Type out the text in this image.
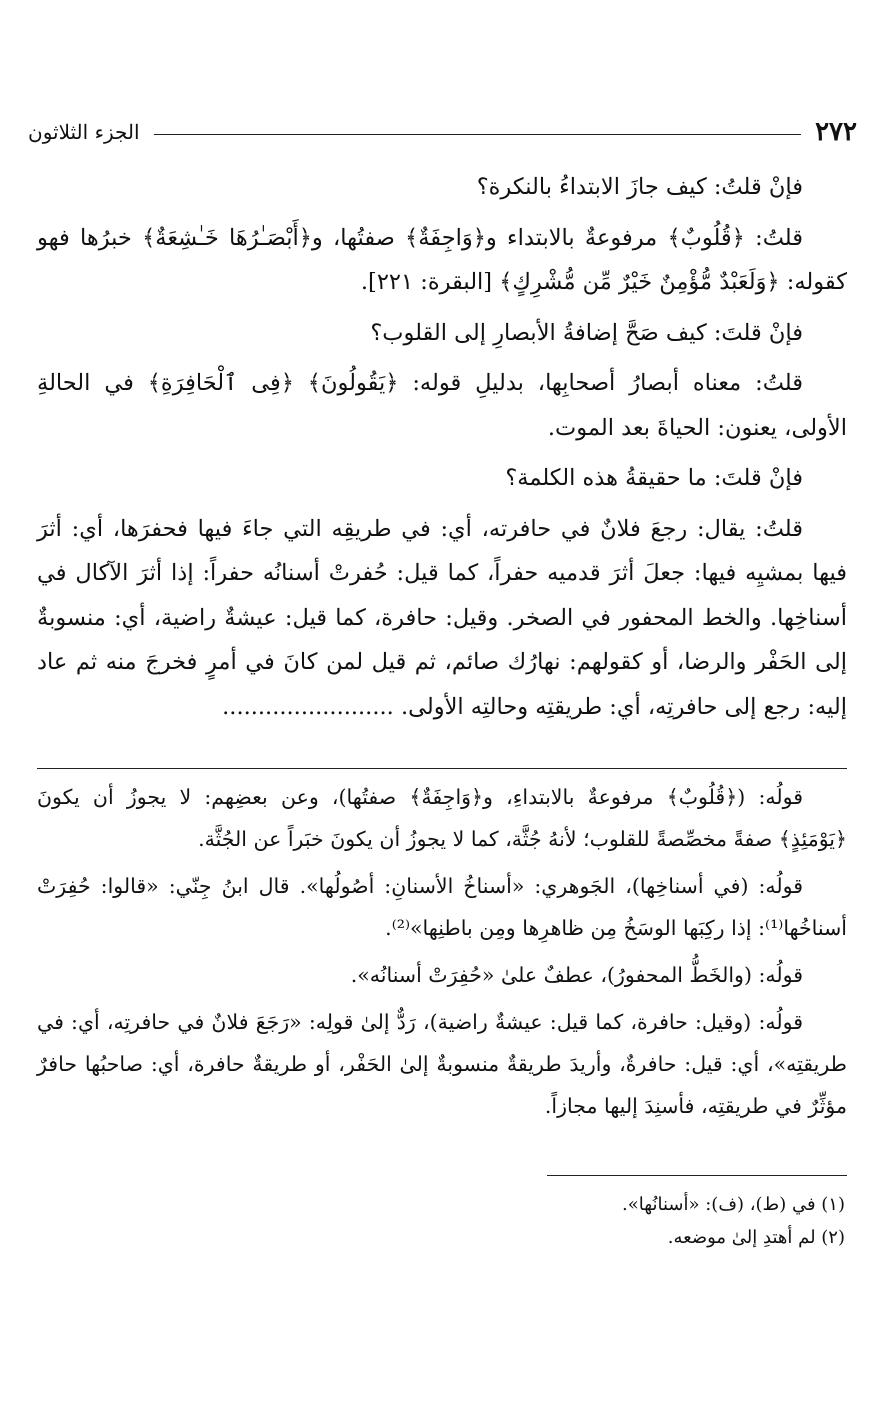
٢٧٢
الجزء الثلاثون

فإنْ قلتُ: كيف جازَ الابتداءُ بالنكرة؟

قلتُ: ﴿قُلُوبٌ﴾ مرفوعةٌ بالابتداء و﴿وَاجِفَةٌ﴾ صفتُها، و﴿أَبْصَـٰرُهَا خَـٰشِعَةٌ﴾ خبرُها فهو كقوله: ﴿وَلَعَبْدٌ مُّؤْمِنٌ خَيْرٌ مِّن مُّشْرِكٍ﴾ [البقرة: ٢٢١].

فإنْ قلتَ: كيف صَحَّ إضافةُ الأبصارِ إلى القلوب؟

قلتُ: معناه أبصارُ أصحابِها، بدليلِ قوله: ﴿يَقُولُونَ﴾ ﴿فِى ٱلْحَافِرَةِ﴾ في الحالةِ الأولى، يعنون: الحياةَ بعد الموت.

فإنْ قلتَ: ما حقيقةُ هذه الكلمة؟

قلتُ: يقال: رجعَ فلانٌ في حافرته، أي: في طريقِه التي جاءَ فيها فحفرَها، أي: أثرَ فيها بمشيِه فيها: جعلَ أثرَ قدميه حفراً، كما قيل: حُفرتْ أسنانُه حفراً: إذا أثرَ الآكال في أسناخِها. والخط المحفور في الصخر. وقيل: حافرة، كما قيل: عيشةٌ راضية، أي: منسوبةٌ إلى الحَفْر والرضا، أو كقولهم: نهارُك صائم، ثم قيل لمن كانَ في أمرٍ فخرجَ منه ثم عاد إليه: رجع إلى حافرتِه، أي: طريقتِه وحالتِه الأولى. ........................

قولُه: (﴿قُلُوبٌ﴾ مرفوعةٌ بالابتداءِ، و﴿وَاجِفَةٌ﴾ صفتُها)، وعن بعضِهم: لا يجوزُ أن يكونَ ﴿يَوْمَئِذٍ﴾ صفةً مخصِّصةً للقلوب؛ لأنهُ جُثَّة، كما لا يجوزُ أن يكونَ خبَراً عن الجُثَّة.

قولُه: (في أسناخِها)، الجَوهري: «أسناخُ الأسنانِ: أصُولُها». قال ابنُ جِنّي: «قالوا: حُفِرَتْ أسناخُها⁽¹⁾: إذا ركِبَها الوسَخُ مِن ظاهرِها ومِن باطنِها»⁽²⁾.

قولُه: (والخَطُّ المحفورُ)، عطفٌ علىٰ «حُفِرَتْ أسنانُه».

قولُه: (وقيل: حافرة، كما قيل: عيشةٌ راضية)، رَدٌّ إلىٰ قولِه: «رَجَعَ فلانٌ في حافرتِه، أي: في طريقتِه»، أي: قيل: حافرةٌ، وأريدَ طريقةٌ منسوبةٌ إلىٰ الحَفْر، أو طريقةٌ حافرة، أي: صاحبُها حافرٌ مؤثِّرٌ في طريقتِه، فأسنِدَ إليها مجازاً.

(١) في (ط)، (ف): «أسنانُها».

(٢) لم أهتدِ إلىٰ موضعه.
